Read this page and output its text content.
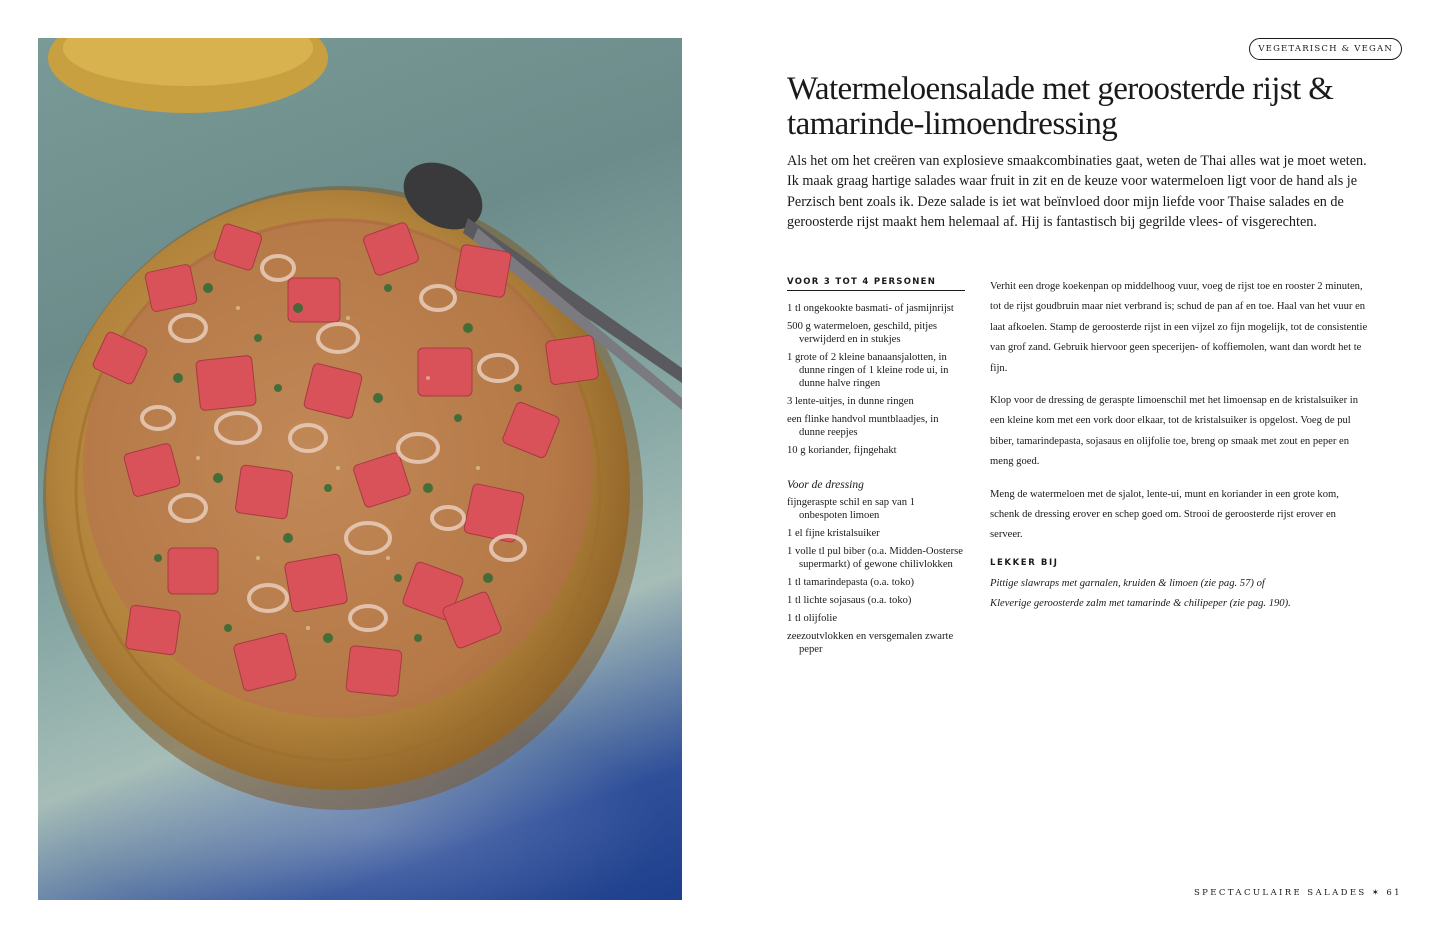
VEGETARISCH & VEGAN
Watermeloensalade met geroosterde rijst & tamarinde-limoendressing

Als het om het creëren van explosieve smaakcombinaties gaat, weten de Thai alles wat je moet weten. Ik maak graag hartige salades waar fruit in zit en de keuze voor watermeloen ligt voor de hand als je Perzisch bent zoals ik. Deze salade is iet wat beïnvloed door mijn liefde voor Thaise salades en de geroosterde rijst maakt hem helemaal af. Hij is fantastisch bij gegrilde vlees- of visgerechten.

VOOR 3 TOT 4 PERSONEN
1 tl ongekookte basmati- of jasmijnrijst
500 g watermeloen, geschild, pitjes verwijderd en in stukjes
1 grote of 2 kleine banaansjalotten, in dunne ringen of 1 kleine rode ui, in dunne halve ringen
3 lente-uitjes, in dunne ringen
een flinke handvol muntblaadjes, in dunne reepjes
10 g koriander, fijngehakt
Voor de dressing
fijngeraspte schil en sap van 1 onbespoten limoen
1 el fijne kristalsuiker
1 volle tl pul biber (o.a. Midden-Oosterse supermarkt) of gewone chilivlokken
1 tl tamarindepasta (o.a. toko)
1 tl lichte sojasaus (o.a. toko)
1 tl olijfolie
zeezoutvlokken en versgemalen zwarte peper

Verhit een droge koekenpan op middelhoog vuur, voeg de rijst toe en rooster 2 minuten, tot de rijst goudbruin maar niet verbrand is; schud de pan af en toe. Haal van het vuur en laat afkoelen. Stamp de geroosterde rijst in een vijzel zo fijn mogelijk, tot de consistentie van grof zand. Gebruik hiervoor geen specerijen- of koffiemolen, want dan wordt het te fijn.

Klop voor de dressing de geraspte limoenschil met het limoensap en de kristalsuiker in een kleine kom met een vork door elkaar, tot de kristalsuiker is opgelost. Voeg de pul biber, tamarindepasta, sojasaus en olijfolie toe, breng op smaak met zout en peper en meng goed.

Meng de watermeloen met de sjalot, lente-ui, munt en koriander in een grote kom, schenk de dressing erover en schep goed om. Strooi de geroosterde rijst erover en serveer.

LEKKER BIJ
Pittige slawraps met garnalen, kruiden & limoen (zie pag. 57) of
Kleverige geroosterde zalm met tamarinde & chilipeper (zie pag. 190).
SPECTACULAIRE SALADES ✶ 61
